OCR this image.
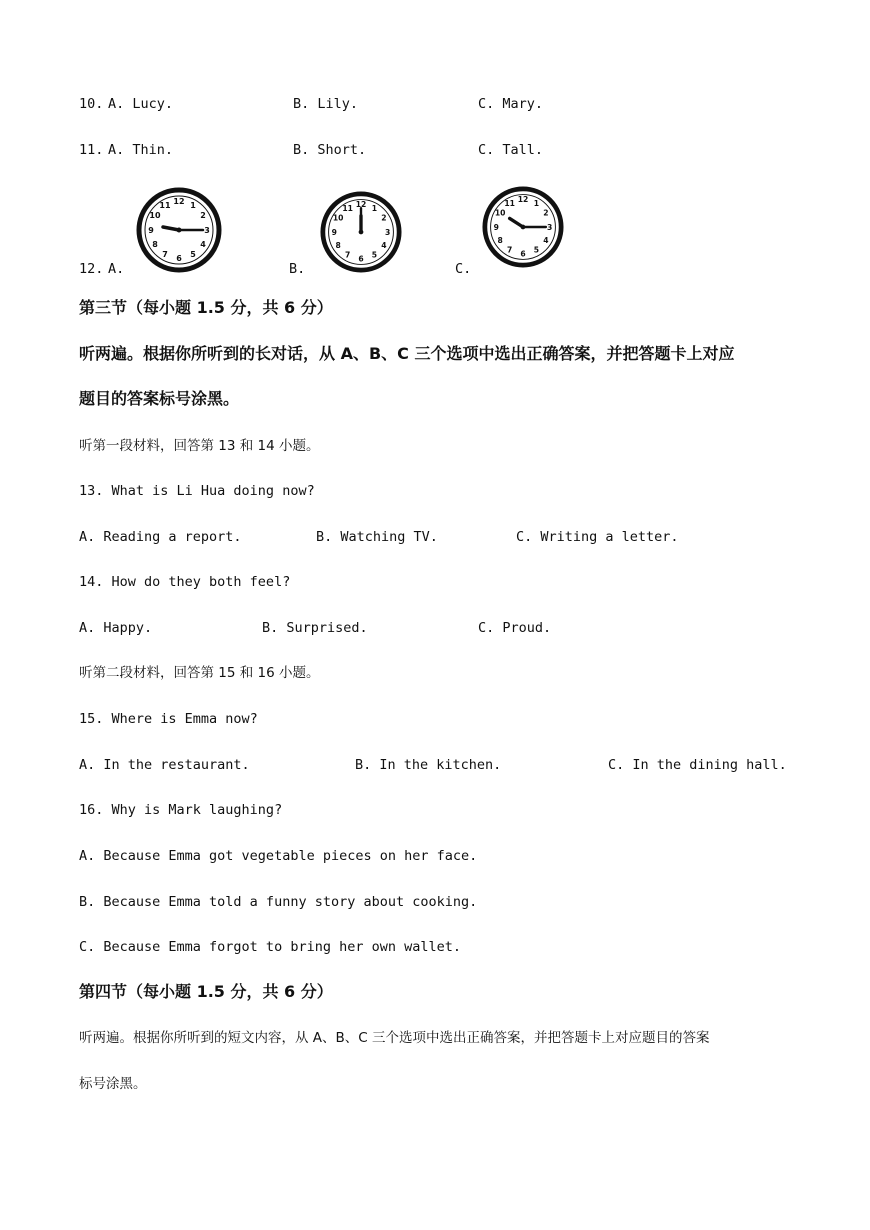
10. A. Lucy.	B. Lily.	C. Mary.
11. A. Thin.	B. Short.	C. Tall.
12. A.	B.	C.
12 1
2
3
4
5
6
7
8
9
10
11	12 1
2
3
4
5
6
7
8
9
10
11
12 1
2
3
4
5
6
7
8
9
10
11
第三节（每小题 1.5 分，共 6 分）
听两遍。根据你所听到的长对话，从 A、B、C 三个选项中选出正确答案，并把答题卡上对应
题目的答案标号涂黑。
听第一段材料，回答第 13 和 14 小题。
13. What is Li Hua doing now?
A. Reading a report.	B. Watching TV.	C. Writing a letter.
14. How do they both feel?
A. Happy.	B. Surprised.	C. Proud.
听第二段材料，回答第 15 和 16 小题。
15. Where is Emma now?
A. In the restaurant.	B. In the kitchen.	C. In the dining hall.
16. Why is Mark laughing?
A. Because Emma got vegetable pieces on her face.
B. Because Emma told a funny story about cooking.
C. Because Emma forgot to bring her own wallet.
第四节（每小题 1.5 分，共 6 分）
听两遍。根据你所听到的短文内容，从 A、B、C 三个选项中选出正确答案，并把答题卡上对应题目的答案
标号涂黑。
